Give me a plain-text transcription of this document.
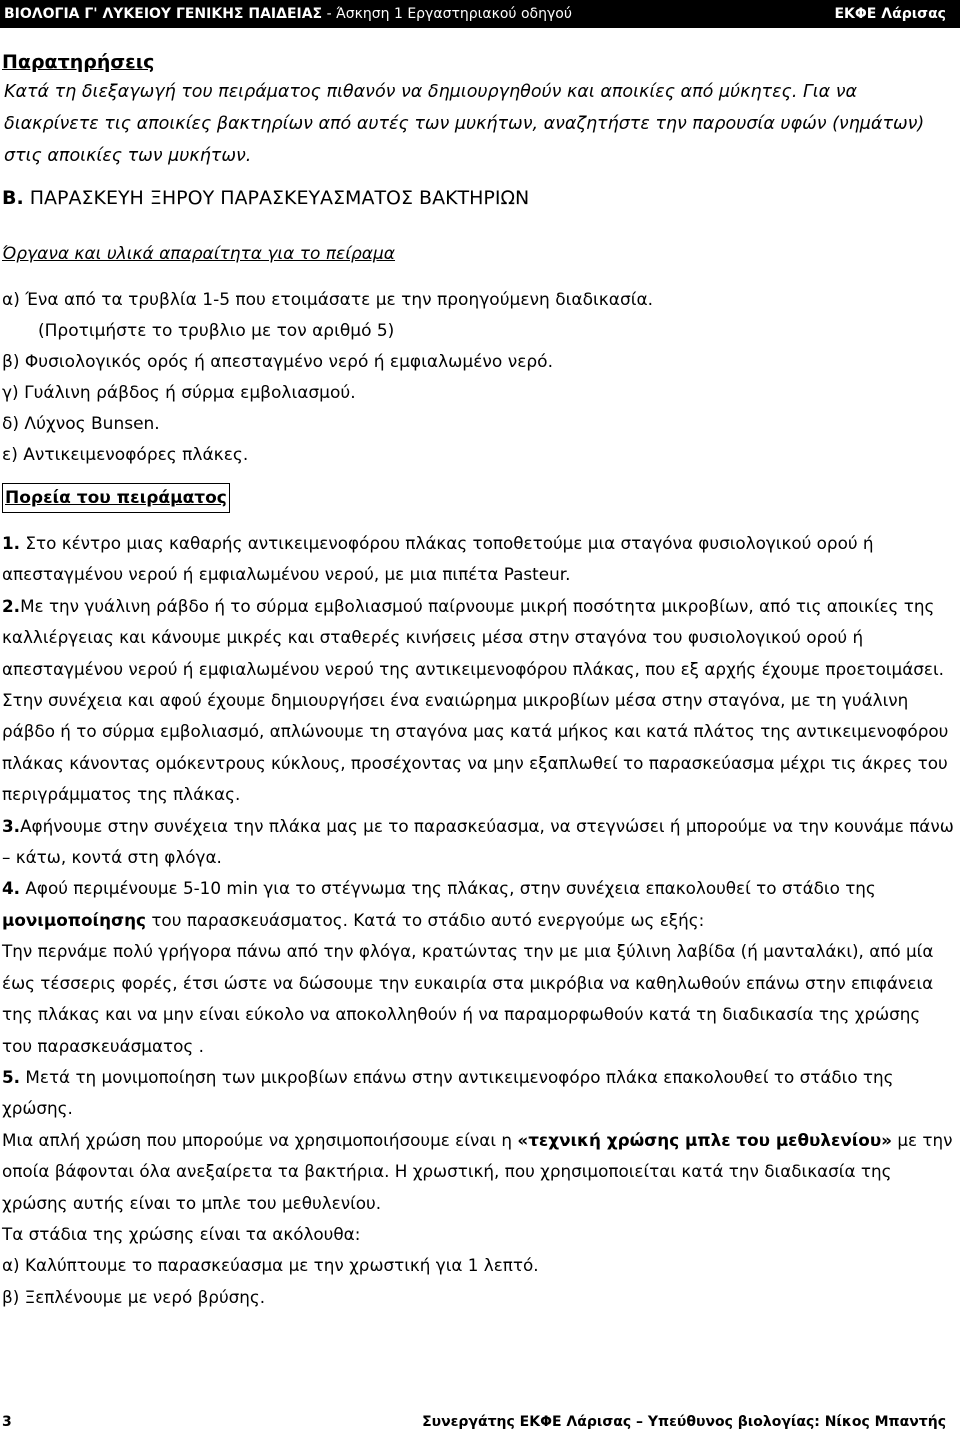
ΒΙΟΛΟΓΙΑ Γ' ΛΥΚΕΙΟΥ ΓΕΝΙΚΗΣ ΠΑΙΔΕΙΑΣ - Άσκηση 1 Εργαστηριακού οδηγού	ΕΚΦΕ Λάρισας
Παρατηρήσεις
Κατά τη διεξαγωγή του πειράματος πιθανόν να δημιουργηθούν και αποικίες από μύκητες. Για να διακρίνετε τις αποικίες βακτηρίων από αυτές των μυκήτων, αναζητήστε την παρουσία υφών (νημάτων) στις αποικίες των μυκήτων.
B. ΠΑΡΑΣΚΕΥΗ ΞΗΡΟΥ ΠΑΡΑΣΚΕΥΑΣΜΑΤΟΣ ΒΑΚΤΗΡΙΩΝ
Όργανα και υλικά απαραίτητα για το πείραμα
α) Ένα από τα τρυβλία 1-5 που ετοιμάσατε με την προηγούμενη διαδικασία.
(Προτιμήστε το τρυβλιο με τον αριθμό 5)
β) Φυσιολογικός ορός ή απεσταγμένο νερό ή εμφιαλωμένο νερό.
γ) Γυάλινη ράβδος ή σύρμα εμβολιασμού.
δ) Λύχνος Bunsen.
ε) Αντικειμενοφόρες πλάκες.
Πορεία του πειράματος
1. Στο κέντρο μιας καθαρής αντικειμενοφόρου πλάκας τοποθετούμε μια σταγόνα φυσιολογικού ορού ή απεσταγμένου νερού ή εμφιαλωμένου νερού, με μια πιπέτα Pasteur.
2.Με την γυάλινη ράβδο ή το σύρμα εμβολιασμού παίρνουμε μικρή ποσότητα μικροβίων, από τις αποικίες της καλλιέργειας και κάνουμε μικρές και σταθερές κινήσεις μέσα στην σταγόνα του φυσιολογικού ορού ή απεσταγμένου νερού ή εμφιαλωμένου νερού της αντικειμενοφόρου πλάκας, που εξ αρχής έχουμε προετοιμάσει. Στην συνέχεια και αφού έχουμε δημιουργήσει ένα εναιώρημα μικροβίων μέσα στην σταγόνα, με τη γυάλινη ράβδο ή το σύρμα εμβολιασμό, απλώνουμε τη σταγόνα μας κατά μήκος και κατά πλάτος της αντικειμενοφόρου πλάκας κάνοντας ομόκεντρους κύκλους, προσέχοντας να μην εξαπλωθεί το παρασκεύασμα μέχρι τις άκρες του περιγράμματος της πλάκας.
3.Αφήνουμε στην συνέχεια την πλάκα μας με το παρασκεύασμα, να στεγνώσει ή μπορούμε να την κουνάμε πάνω – κάτω, κοντά στη φλόγα.
4. Αφού περιμένουμε 5-10 min για το στέγνωμα της πλάκας, στην συνέχεια επακολουθεί το στάδιο της μονιμοποίησης του παρασκευάσματος. Κατά το στάδιο αυτό ενεργούμε ως εξής:
Την περνάμε πολύ γρήγορα πάνω από την φλόγα, κρατώντας την με μια ξύλινη λαβίδα (ή μανταλάκι), από μία έως τέσσερις φορές, έτσι ώστε να δώσουμε την ευκαιρία στα μικρόβια να καθηλωθούν επάνω στην επιφάνεια της πλάκας και να μην είναι εύκολο να αποκολληθούν ή να παραμορφωθούν κατά τη διαδικασία της χρώσης του παρασκευάσματος .
5. Μετά τη μονιμοποίηση των μικροβίων επάνω στην αντικειμενοφόρο πλάκα επακολουθεί το στάδιο της χρώσης.
Μια απλή χρώση που μπορούμε να χρησιμοποιήσουμε είναι η «τεχνική χρώσης μπλε του μεθυλενίου» με την οποία βάφονται όλα ανεξαίρετα τα βακτήρια. Η χρωστική, που χρησιμοποιείται κατά την διαδικασία της χρώσης αυτής είναι το μπλε του μεθυλενίου.
Τα στάδια της χρώσης είναι τα ακόλουθα:
α) Καλύπτουμε το παρασκεύασμα με την χρωστική για 1 λεπτό.
β) Ξεπλένουμε με νερό βρύσης.
3	Συνεργάτης ΕΚΦΕ Λάρισας – Υπεύθυνος βιολογίας: Νίκος Μπαντής
